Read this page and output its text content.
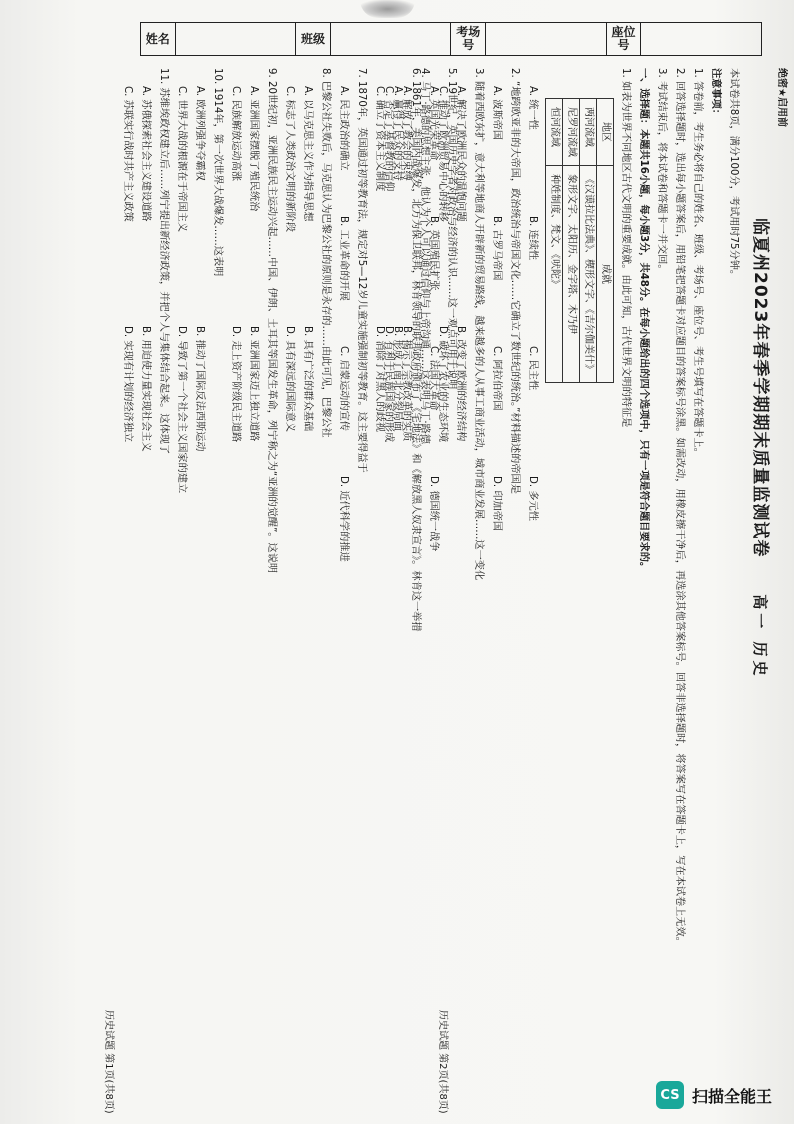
姓名		班级		考场号		座位号	
绝密★启用前
临夏州2023年春季学期期末质量监测试卷 高一 历史
本试卷共8页，满分100分，考试用时75分钟。
注意事项：
1. 答卷前，考生务必将自己的姓名、班级、考场号、座位号、考生号填写在答题卡上。
2. 回答选择题时，选出每小题答案后，用铅笔把答题卡对应题目的答案标号涂黑。如需改动，用橡皮擦干净后，再选涂其他答案标号。回答非选择题时，将答案写在答题卡上，写在本试卷上无效。
3. 考试结束后，将本试卷和答题卡一并交回。
一、选择题：本题共16小题，每小题3分，共48分。在每小题给出的四个选项中，只有一项是符合题目要求的。
1. 如表为世界不同地区古代文明的重要成就。由此可知，古代世界文明的特征是
地区	成就
两河流域	《汉谟拉比法典》、楔形文字、《吉尔伽美什》
尼罗河流域	象形文字、太阳历、金字塔、木乃伊
恒河流域	种姓制度、梵文、《吠陀》
A. 统一性B. 连续性C. 民主性D. 多元性
2. “地跨欧亚非的大帝国，政治统治与帝国文化……它确立了数世纪的统治。”材料描述的帝国是
A. 波斯帝国B. 古罗马帝国C. 阿拉伯帝国D. 印加帝国
3. 随着西欧东扩，意大利等地商人开辟新的贸易路线，越来越多的人从事工商业活动，城市商业发展……这一变化
A. 解决了欧洲民众的温饱问题B. 改变了欧洲的经济结构
C. 推动了欧洲贸易中心的转移D. 破坏了农业的生态环境
4. 马丁·路德的思想主张，他认为个人可以通过信仰与上帝沟通……这表明马丁·路德
A. 解放了教会的束缚B. 揭示了宗教改革的实质
C. 否定了基督教的信仰D. 有利于民族国家的形成	5. 19世纪，英国历史学者对政治与经济的认识……这一观点可用于说明
A. 英国光荣革命B. 英国殖民扩张C. 法国大革命D. 德国统一战争
6. 1861年，美国内战爆发，北方为保卫联邦，林肯领导的联邦政府颁布了《宅地法》和《解放黑人奴隶宣言》。林肯这一举措
A. 赢得了民众的支持B. 形成了南北分裂局面
C. 确立了资本主义制度D. 消除了对黑人的歧视
7. 1870年，英国通过初等教育法，规定对5—12岁儿童实施强制初等教育。这主要得益于
A. 民主政治的确立B. 工业革命的开展C. 启蒙运动的宣传D. 近代科学的推进
8. 巴黎公社失败后，马克思认为巴黎公社的原则是永存的……由此可见，巴黎公社
A. 以马克思主义作为指导思想B. 具有广泛的群众基础
C. 标志了人类政治文明的新阶段D. 具有深远的国际意义
9. 20世纪初，亚洲民族民主运动兴起……中国、伊朗、土耳其等国发生革命，列宁称之为“亚洲的觉醒”。这说明
A. 亚洲国家摆脱了殖民统治B. 亚洲国家迈上独立道路
C. 民族解放运动高涨D. 走上资产阶级民主道路
10. 1914年，第一次世界大战爆发……这表明
A. 欧洲列强争夺霸权B. 推动了国际反法西斯运动
C. 世界大战的根源在于帝国主义D. 导致了第一个社会主义国家的建立
11. 苏维埃政权建立后……列宁提出新经济政策，并把个人与集体结合起来。这体现了
A. 苏俄探索社会主义建设道路B. 用迫使力量实现社会主义
C. 苏联实行战时共产主义政策D. 实现有计划的经济独立
历史试题 第1页(共8页)	历史试题 第2页(共8页)	CS 扫描全能王
